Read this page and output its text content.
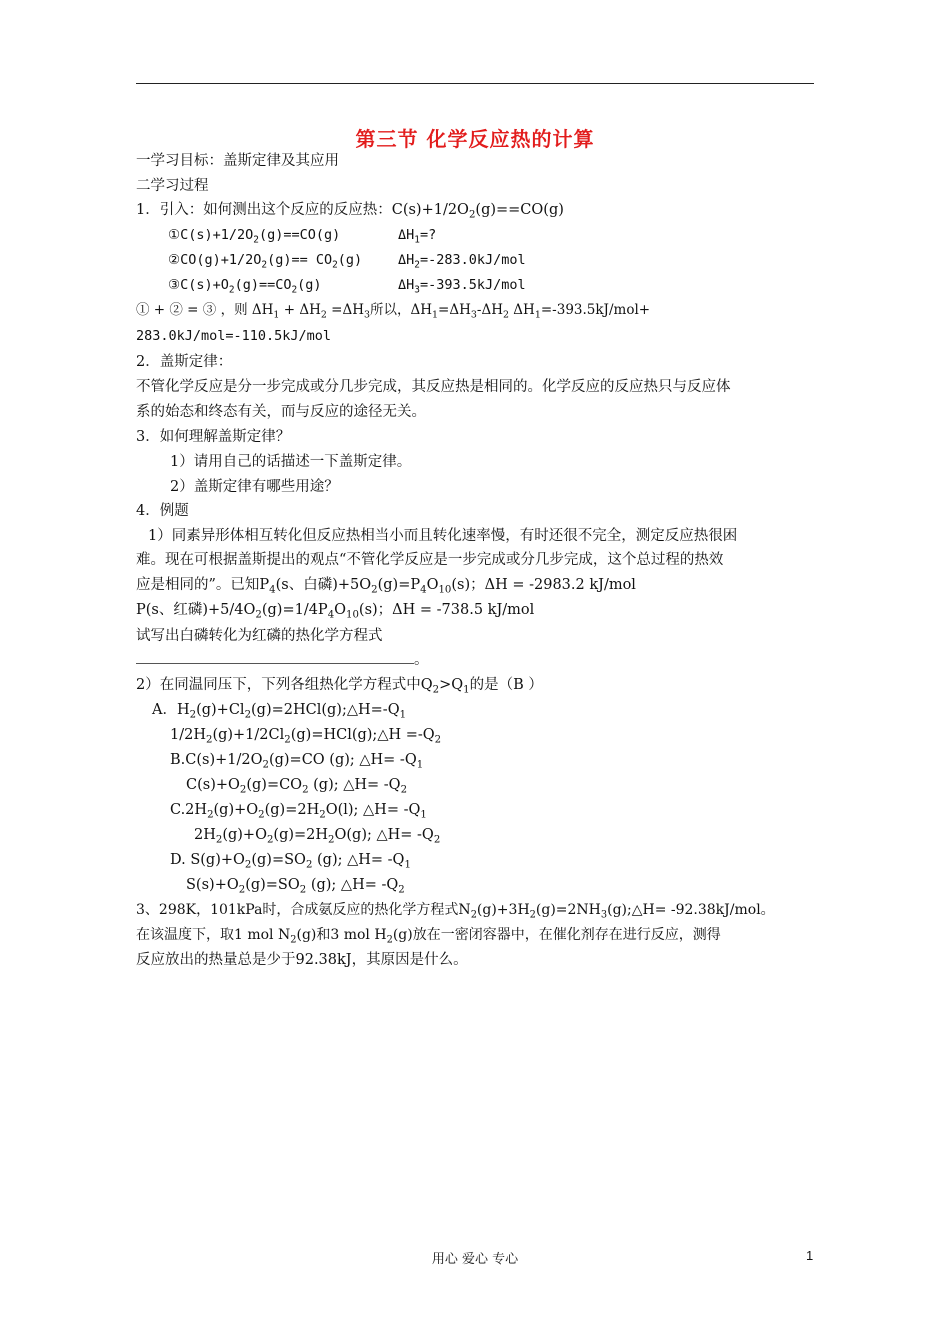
第三节 化学反应热的计算
一学习目标：盖斯定律及其应用
二学习过程
1．引入：如何测出这个反应的反应热：$C(s)+1/2O_2(g)==CO(g)$
$①C(s)+1/2O_2(g)==CO(g)$	$\Delta H_1=$?
$②CO(g)+1/2O_2(g)== CO_2(g)$	$\Delta H_2=-283.0kJ$/mol
$③C(s)+O_2(g)==CO_2(g)$	$\Delta H_3=-393.5kJ$/mol
① + ② = ③ ，则 $\Delta H_1 + \Delta H_2 =\Delta H_3$所以，$\Delta H_1=\Delta H_3-\Delta H_2$ $\Delta H_1=-393.5kJ/mol+$
283.0kJ/mol=-110.5kJ/mol
2．盖斯定律：
不管化学反应是分一步完成或分几步完成，其反应热是相同的。化学反应的反应热只与反应体
系的始态和终态有关，而与反应的途径无关。
3．如何理解盖斯定律？
1）请用自己的话描述一下盖斯定律。
2）盖斯定律有哪些用途？
4．例题
1）同素异形体相互转化但反应热相当小而且转化速率慢，有时还很不完全，测定反应热很困
难。现在可根据盖斯提出的观点“不管化学反应是一步完成或分几步完成，这个总过程的热效
应是相同的”。已知$P_4(s$、白磷)$+5O_2(g)=P_4O_{10}(s)$；ΔH = -2983.2 kJ/mol
P(s、红磷)$+5/4O_2(g)=1/4P_4O_{10}(s)$；ΔH = -738.5 kJ/mol
试写出白磷转化为红磷的热化学方程式
。
2）在同温同压下，下列各组热化学方程式中$Q_2>Q_1$的是（B ）
A．$H_2(g)+Cl_2(g)=2HCl(g);\triangle H=-Q_1$
$1/2H_2(g)+1/2Cl_2(g)=HCl(g);\triangle H =-Q_2$
$B.C(s)+1/2O_2(g)=CO$ (g); △H= $-Q_1$
$C(s)+O_2(g)=CO_2$ (g); △H= $-Q_2$
$C.2H_2(g)+O_2(g)=2H_2O(l)$; △H= $-Q_1$
$2H_2(g)+O_2(g)=2H_2O(g)$; △H= $-Q_2$
D. $S(g)+O_2(g)=SO_2$ (g); △H= $-Q_1$
$S(s)+O_2(g)=SO_2$ (g); △H= $-Q_2$
3、298K，101kPa时，合成氨反应的热化学方程式$N_2(g)+3H_2(g)=2NH_3(g);\triangle H= -92.38kJ/mol$。
在该温度下，取1 mol $N_2(g)$和3 mol $H_2(g)$放在一密闭容器中，在催化剂存在进行反应，测得
反应放出的热量总是少于92.38kJ，其原因是什么。
用心 爱心 专心	1
